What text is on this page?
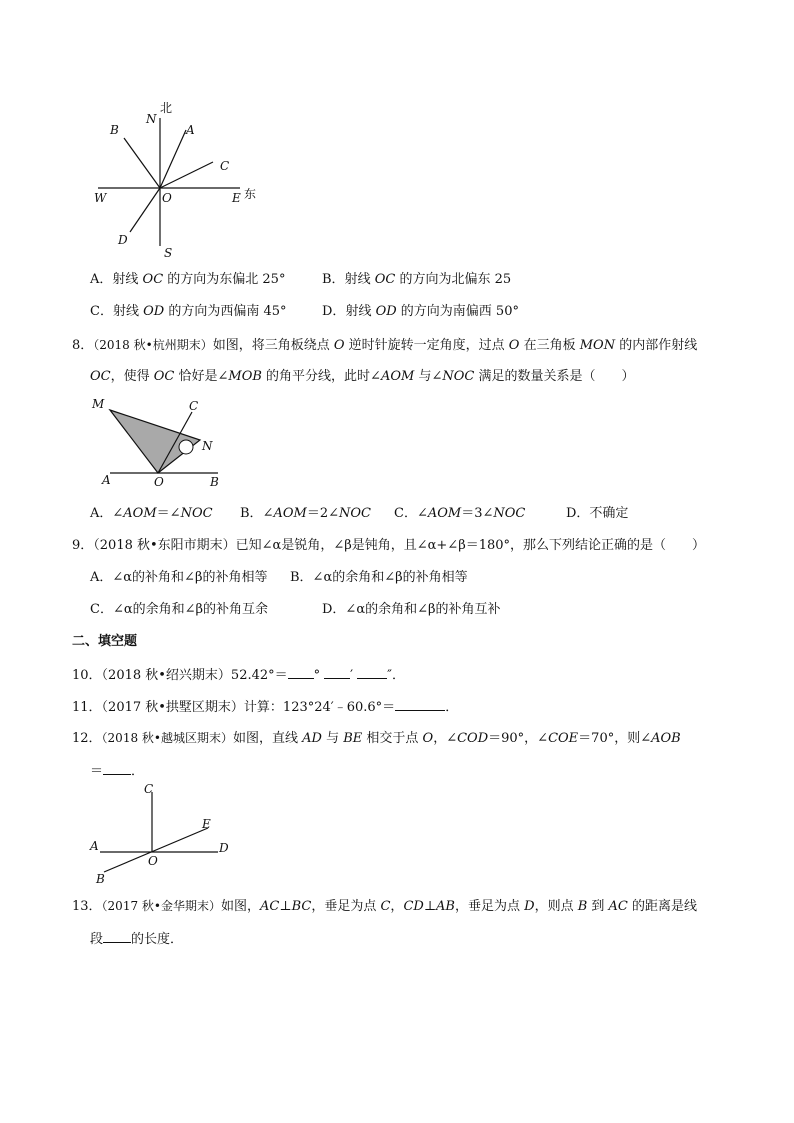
北
N
A
B
C
W	O	E 东
D
S
A．射线 OC 的方向为东偏北 25°	B．射线 OC 的方向为北偏东 25
C．射线 OD 的方向为西偏南 45°	D．射线 OD 的方向为南偏西 50°
8．（2018 秋•杭州期末）如图，将三角板绕点 O 逆时针旋转一定角度，过点 O 在三角板 MON 的内部作射线
OC，使得 OC 恰好是∠MOB 的角平分线，此时∠AOM 与∠NOC 满足的数量关系是（　　）
M	C
N
A	O	B
A．∠AOM＝∠NOC B．∠AOM＝2∠NOC C．∠AOM＝3∠NOC	D．不确定
9．（2018 秋•东阳市期末）已知∠α是锐角，∠β是钝角，且∠α+∠β＝180°，那么下列结论正确的是（　　）
A．∠α的补角和∠β的补角相等 B．∠α的余角和∠β的补角相等
C．∠α的余角和∠β的补角互余	D．∠α的余角和∠β的补角互补
二、填空题
10．（2018 秋•绍兴期末）52.42°＝ ° ′	″．
11．（2017 秋•拱墅区期末）计算：123°24′﹣60.6°＝	．
12．（2018 秋•越城区期末）如图，直线 AD 与 BE 相交于点 O，∠COD＝90°，∠COE＝70°，则∠AOB
＝ ．
C
E
A
O
D
B
13．（2017 秋•金华期末）如图，AC⊥BC，垂足为点 C，CD⊥AB，垂足为点 D，则点 B 到 AC 的距离是线
段 的长度．
